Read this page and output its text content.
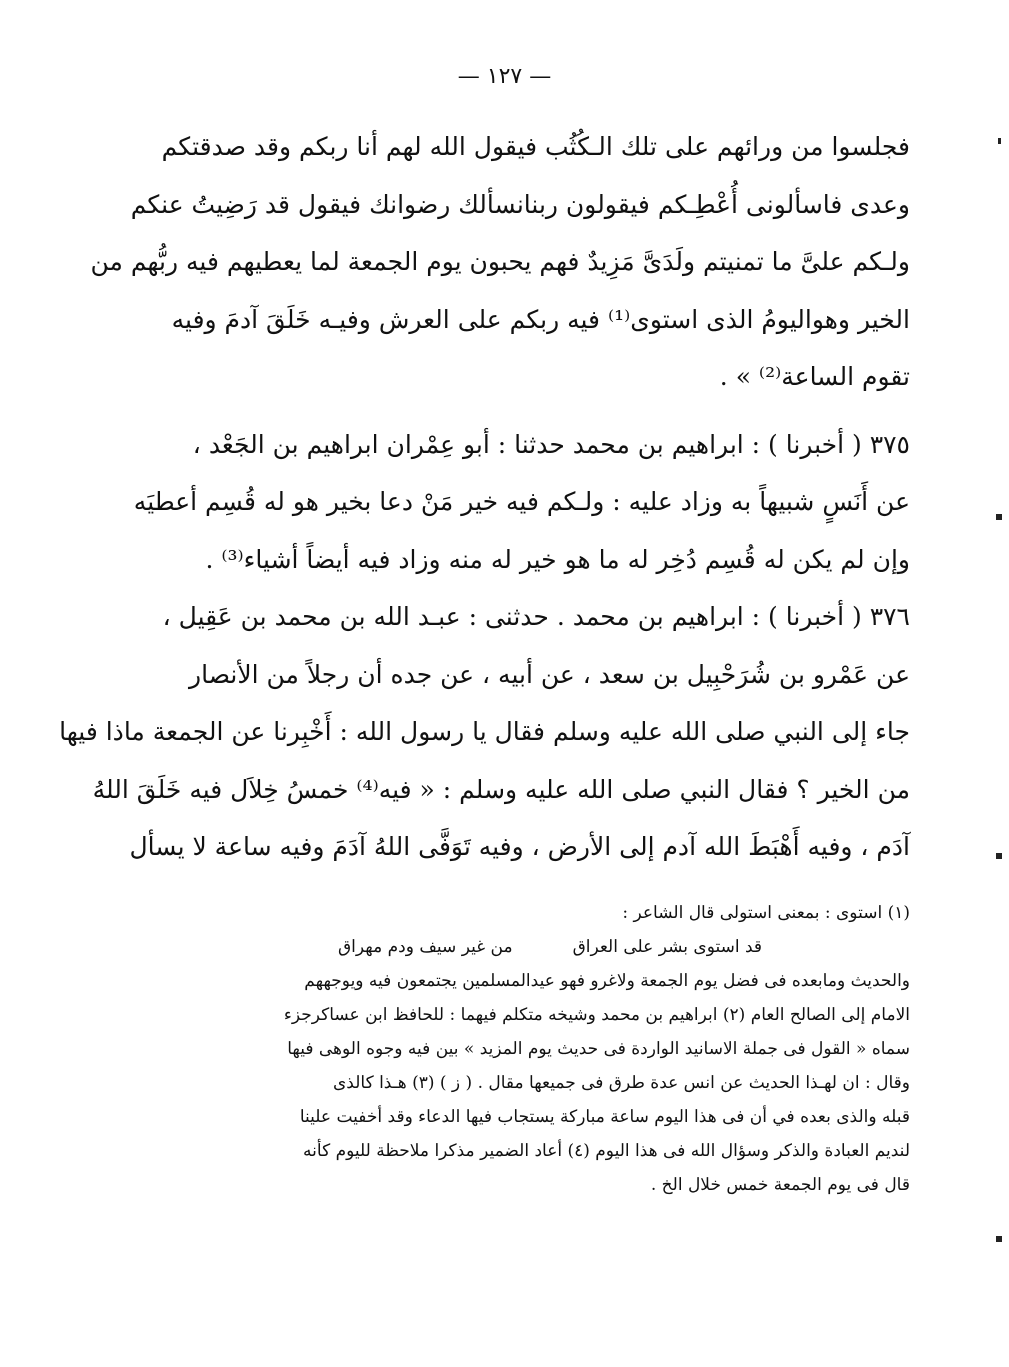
— ١٢٧ —
فجلسوا من ورائهم على تلك الـكُثُب فيقول الله لهم أنا ربكم وقد صدقتكم
وعدى فاسألونى أُعْطِـكم فيقولون ربنانسألك رضوانك فيقول قد رَضِيتُ عنكم
ولـكم علىَّ ما تمنيتم ولَدَىَّ مَزِيدٌ فهم يحبون يوم الجمعة لما يعطيهم فيه ربُّهم من
الخير وهواليومُ الذى استوى⁽¹⁾ فيه ربكم على العرش وفيـه خَلَقَ آدمَ وفيه
تقوم الساعة⁽²⁾ » .
٣٧٥ ( أخبرنا ) : ابراهيم بن محمد حدثنا : أبو عِمْران ابراهيم بن الجَعْد ،
عن أَنَسٍ شبيهاً به وزاد عليه : ولـكم فيه خير مَنْ دعا بخير هو له قُسِم أعطيَه
وإن لم يكن له قُسِم دُخِر له ما هو خير له منه وزاد فيه أيضاً أشياء⁽³⁾ .
٣٧٦ ( أخبرنا ) : ابراهيم بن محمد . حدثنى : عبـد الله بن محمد بن عَقِيل ،
عن عَمْرو بن شُرَحْبِيل بن سعد ، عن أبيه ، عن جده أن رجلاً من الأنصار
جاء إلى النبي صلى الله عليه وسلم فقال يا رسول الله : أَخْبِرنا عن الجمعة ماذا فيها
من الخير ؟ فقال النبي صلى الله عليه وسلم : « فيه⁽⁴⁾ خمسُ خِلاَل فيه خَلَقَ اللهُ
آدَم ، وفيه أَهْبَطَ الله آدم إلى الأرض ، وفيه تَوَفَّى اللهُ آدَمَ وفيه ساعة لا يسأل
(١) استوى : بمعنى استولى قال الشاعر :
قد استوى بشر على العراق
من غير سيف ودم مهراق
والحديث ومابعده فى فضل يوم الجمعة ولاغرو فهو عيدالمسلمين يجتمعون فيه ويوجههم
الامام إلى الصالح العام (٢) ابراهيم بن محمد وشيخه متكلم فيهما : للحافظ ابن عساكرجزء
سماه « القول فى جملة الاسانيد الواردة فى حديث يوم المزيد » بين فيه وجوه الوهى فيها
وقال : ان لهـذا الحديث عن انس عدة طرق فى جميعها مقال . ( ز ) (٣) هـذا كالذى
قبله والذى بعده في أن فى هذا اليوم ساعة مباركة يستجاب فيها الدعاء وقد أخفيت علينا
لنديم العبادة والذكر وسؤال الله فى هذا اليوم (٤) أعاد الضمير مذكرا ملاحظة لليوم كأنه
قال فى يوم الجمعة خمس خلال الخ .
